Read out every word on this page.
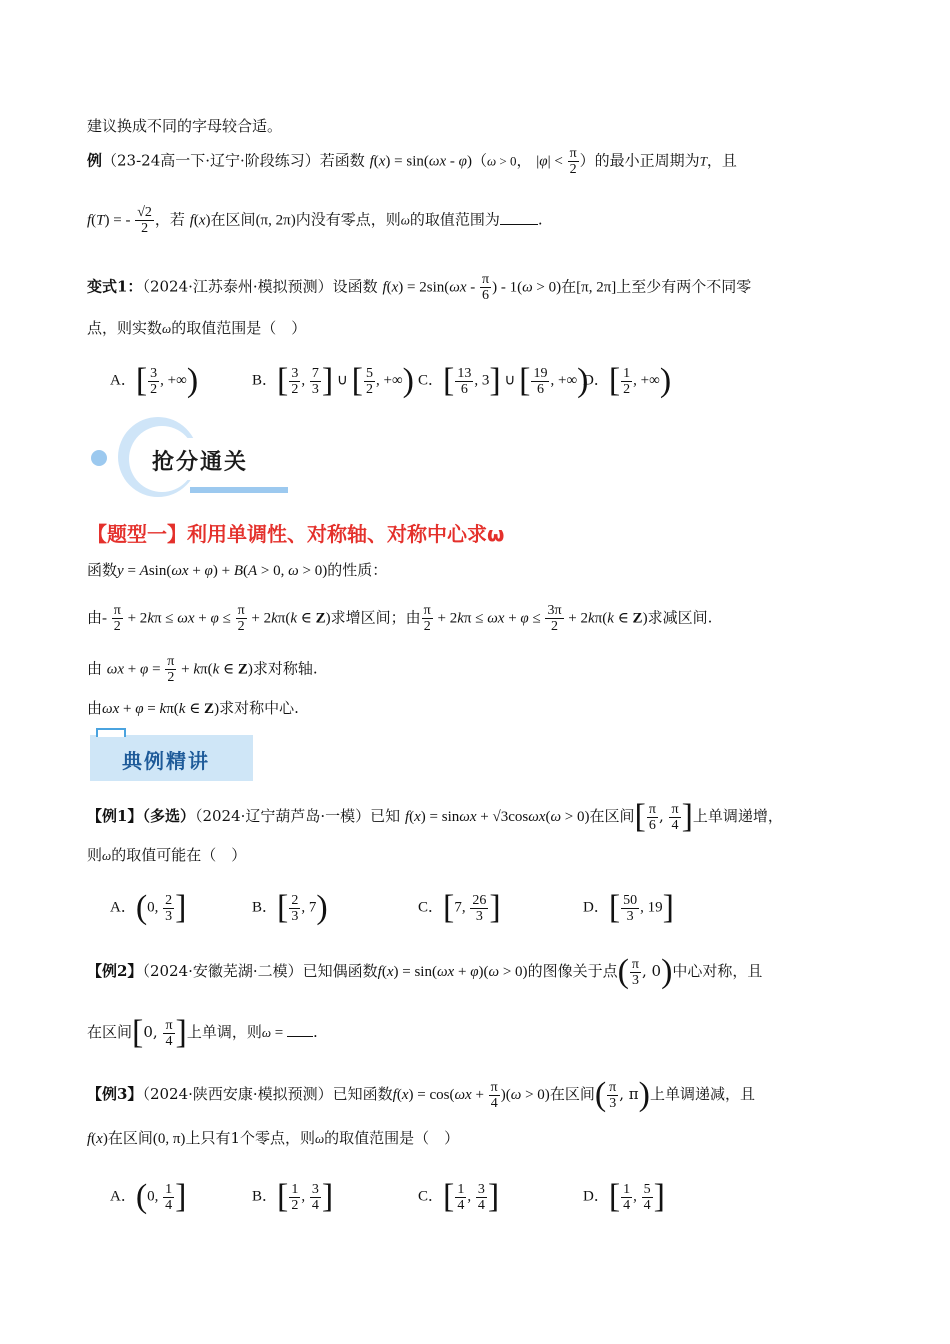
建议换成不同的字母较合适。
例（23-24高一下·辽宁·阶段练习）若函数 f(x) = sin(ωx - φ)（ω > 0， $|\varphi| < \frac{\pi}{2}$ ）的最小正周期为T，且
f(T) = - $\frac{√2}{2}$ ，若 f(x)在区间(π, 2π)内没有零点，则ω的取值范围为	.
变式1：（2024·江苏泰州·模拟预测）设函数 $f(x) = 2\sin(\omega x - \frac{\pi}{6}$ ) - 1(ω > 0)在[π, 2π]上至少有两个不同零
点，则实数ω的取值范围是（　）
A．[ $\frac{3}{2}$ , +∞)	B．[ $\frac{3}{2}$ , $\frac{7}{3}$ ] ∪ [ $\frac{5}{2}$ , +∞) C．[ $\frac{13}{6}$ , 3] ∪ [ $\frac{19}{6}$ , +∞)
D．[ $\frac{1}{2}$ , +∞)
抢分通关
【题型一】利用单调性、对称轴、对称中心求ω
函数y = Asin(ωx + φ) + B(A > 0, ω > 0)的性质：
由- $\frac{\pi}{2} + 2k\pi \le \omega x + \varphi \le \frac{\pi}{2} + 2k\pi(k$ ∈ Z)求增区间；由 $\frac{\pi}{2} + 2k\pi \le \omega x + \varphi \le \frac{3\pi}{2} + 2k\pi(k$ ∈ Z)求减区间.
由 $\omega x + \varphi = \frac{\pi}{2} + k\pi(k$ ∈ Z)求对称轴.
由ωx + φ = kπ(k ∈ Z)求对称中心.
典例精讲
【例1】（多选）（2024·辽宁葫芦岛·一模）已知 f(x) = sinωx + √3cosωx(ω > 0)在区间[ $\frac{\pi}{6}$ , $\frac{\pi}{4}$ ]上单调递增，
则ω的取值可能在（　）
A．(0, $\frac{2}{3}$ ]	B．[ $\frac{2}{3}$ , 7)	C．[7, $\frac{26}{3}$ ]	D．[ $\frac{50}{3}$ , 19]
【例2】（2024·安徽芜湖·二模）已知偶函数f(x) = sin(ωx + φ)(ω > 0)的图像关于点( $\frac{\pi}{3}$ , 0)中心对称，且
在区间[0, $\frac{\pi}{4}$ ]上单调，则ω = .
【例3】（2024·陕西安康·模拟预测）已知函数$f(x) = \cos(\omega x + \frac{\pi}{4} )(\omega > 0)$在区间( $\frac{\pi}{3}$ , π)上单调递减，且
f(x)在区间(0, π)上只有1个零点，则ω的取值范围是（　）
A．(0, $\frac{1}{4}$ ]	B．[ $\frac{1}{2}$ , $\frac{3}{4}$ ]	C．[ $\frac{1}{4}$ , $\frac{3}{4}$ ]	D．[ $\frac{1}{4}$ , $\frac{5}{4}$ ]
